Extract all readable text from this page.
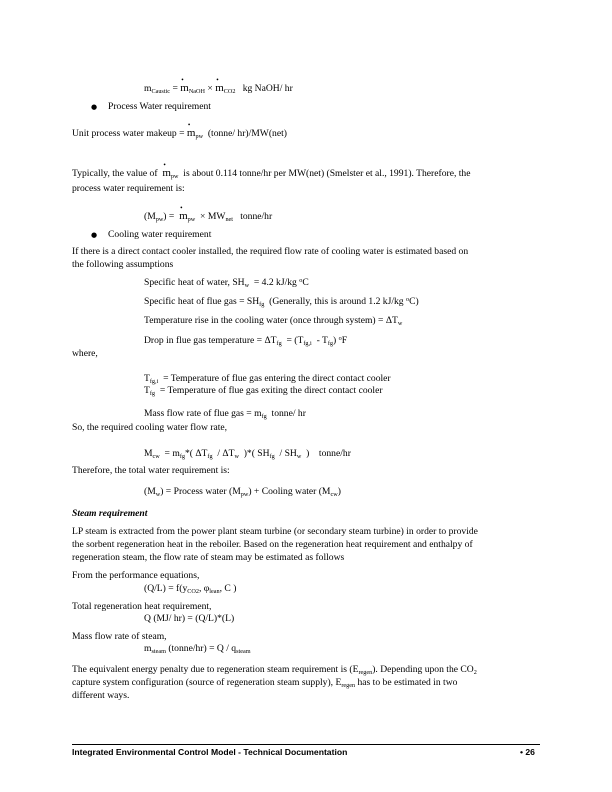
$m_{Caustic}$ = • $m_{NaOH}$ × • $m_{CO2}$ kg NaOH/ hr
● Process Water requirement
Unit process water makeup = • $m_{pw}$ (tonne/ hr)/MW(net)
Typically, the value of • $m_{pw}$ is about 0.114 tonne/hr per MW(net) (Smelster et al., 1991). Therefore, the
process water requirement is:
$(M_{pw})$ = • $m_{pw} \times MW_{net}$ tonne/hr
● Cooling water requirement
If there is a direct contact cooler installed, the required flow rate of cooling water is estimated based on
the following assumptions
Specific heat of water, $SH_w = 4.2$ kJ/kg $^o$C
Specific heat of flue gas = $SH_{fg}$ (Generally, this is around 1.2 kJ/kg $^o$C)
Temperature rise in the cooling water (once through system) = $\Delta T_w$
Drop in flue gas temperature = $\Delta T_{fg} = (T_{fg,i} - T_{fg})$ $^o$F
where,
$T_{fg,i}$ = Temperature of flue gas entering the direct contact cooler
$T_{fg}$ = Temperature of flue gas exiting the direct contact cooler
Mass flow rate of flue gas = $m_{fg}$ tonne/ hr
So, the required cooling water flow rate,
$M_{cw} = m_{fg}*$( $\Delta T_{fg} / \Delta T_w$ )*( $SH_{fg} / SH_w$ ) tonne/hr
Therefore, the total water requirement is:
$(M_w)$ = Process water $(M_{pw})$ + Cooling water $(M_{cw})$
Steam requirement
LP steam is extracted from the power plant steam turbine (or secondary steam turbine) in order to provide
the sorbent regeneration heat in the reboiler. Based on the regeneration heat requirement and enthalpy of
regeneration steam, the flow rate of steam may be estimated as follows
From the performance equations,
$(Q/L) = f(y_{CO2}$, $\varphi_{lean}$, C )
Total regeneration heat requirement,
Q (MJ/ hr) = (Q/L)*(L)
Mass flow rate of steam,
$m_{steam}$ (tonne/hr) = Q / $q_{steam}$
The equivalent energy penalty due to regeneration steam requirement is $(E_{regen})$. Depending upon the $CO_2$
capture system configuration (source of regeneration steam supply), $E_{regen}$ has to be estimated in two
different ways.
Integrated Environmental Control Model - Technical Documentation	• 26
